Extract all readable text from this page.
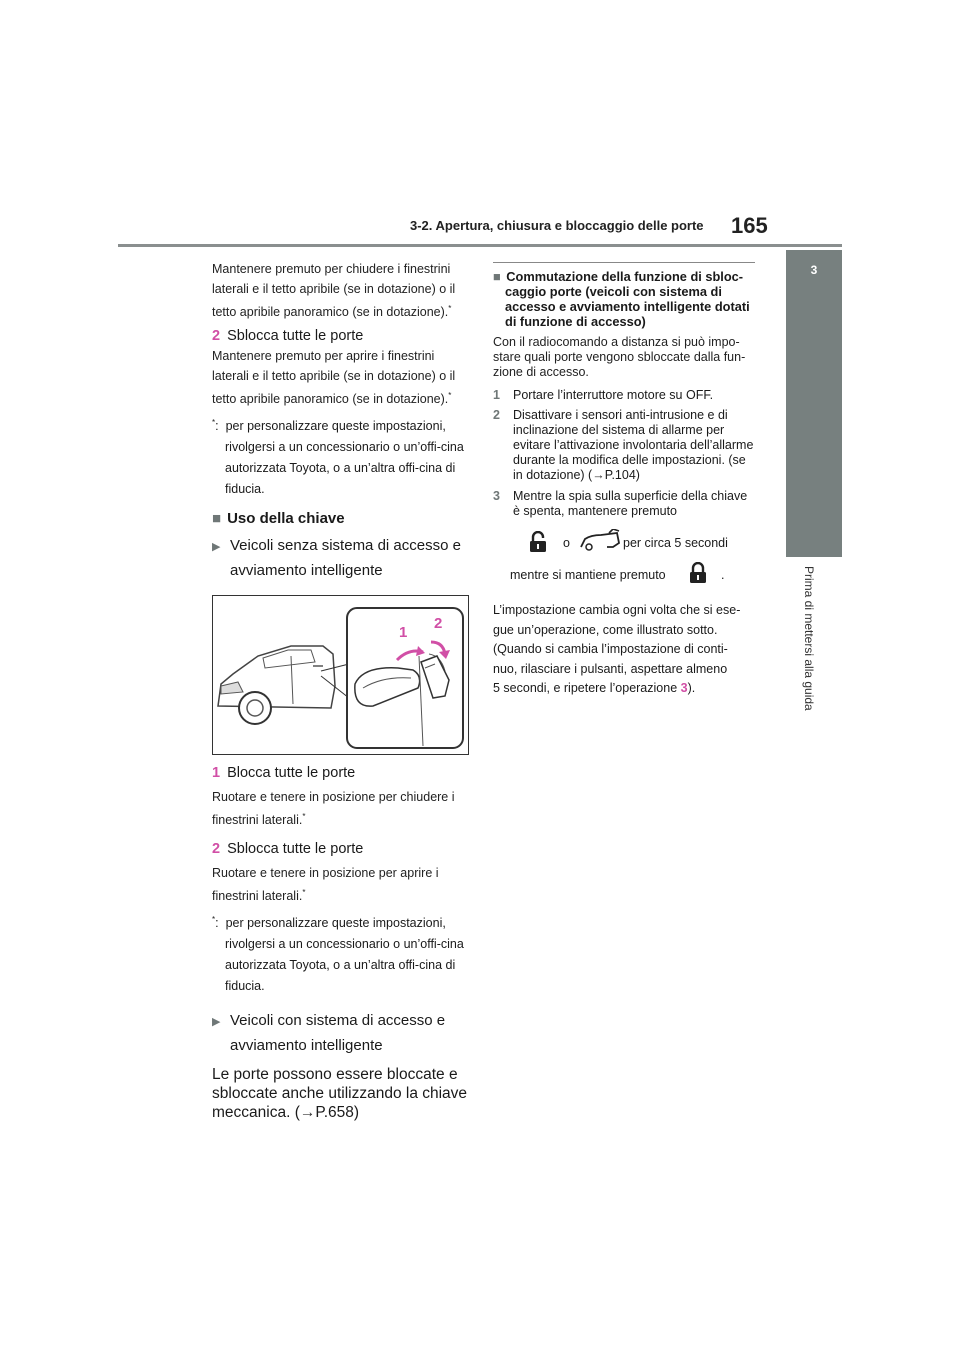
3-2. Apertura, chiusura e bloccaggio delle porte 165
3
Prima di mettersi alla guida

Mantenere premuto per chiudere i finestrini

laterali e il tetto apribile (se in dotazione) o il

tetto apribile panoramico (se in dotazione).*

2 Sblocca tutte le porte

Mantenere premuto per aprire i finestrini

laterali e il tetto apribile (se in dotazione) o il

tetto apribile panoramico (se in dotazione).*

*: per personalizzare queste impostazioni, rivolgersi a un concessionario o un’offi-cina autorizzata Toyota, o a un’altra offi-cina di fiducia.

■ Uso della chiave

▶ Veicoli senza sistema di accesso e avviamento intelligente

1
2

1 Blocca tutte le porte

Ruotare e tenere in posizione per chiudere i

finestrini laterali.*

2 Sblocca tutte le porte

Ruotare e tenere in posizione per aprire i

finestrini laterali.*

*: per personalizzare queste impostazioni, rivolgersi a un concessionario o un’offi-cina autorizzata Toyota, o a un’altra offi-cina di fiducia.

▶ Veicoli con sistema di accesso e avviamento intelligente

Le porte possono essere bloccate e sbloccate anche utilizzando la chiave meccanica. (→P.658)

■ Commutazione della funzione di sbloc-caggio porte (veicoli con sistema di accesso e avviamento intelligente dotati di funzione di accesso)

Con il radiocomando a distanza si può impo-stare quali porte vengono sbloccate dalla fun-zione di accesso.

1 Portare l’interruttore motore su OFF.

2 Disattivare i sensori anti-intrusione e di inclinazione del sistema di allarme per evitare l’attivazione involontaria dell’allarme durante la modifica delle impostazioni. (se in dotazione) (→P.104)

3 Mentre la spia sulla superficie della chiave è spenta, mantenere premuto

o	per circa 5 secondi
mentre si mantiene premuto	.

L’impostazione cambia ogni volta che si ese-

gue un’operazione, come illustrato sotto.

(Quando si cambia l’impostazione di conti-

nuo, rilasciare i pulsanti, aspettare almeno

5 secondi, e ripetere l’operazione 3).
